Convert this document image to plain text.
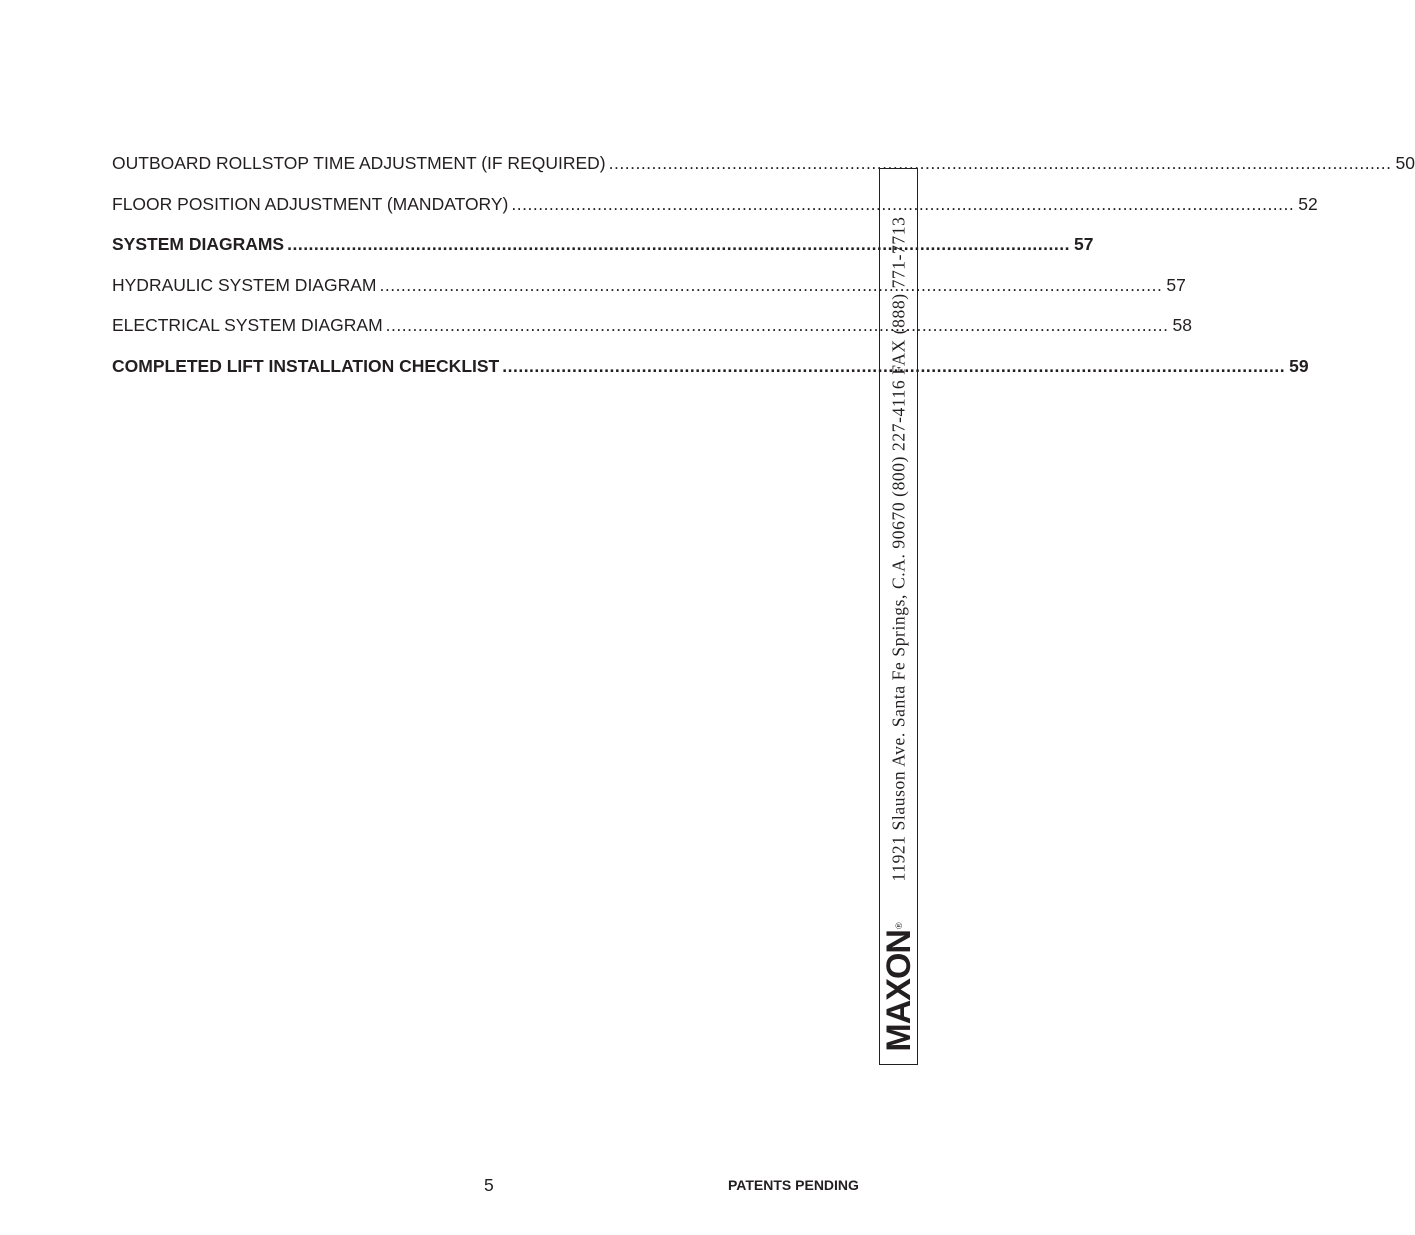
OUTBOARD ROLLSTOP TIME ADJUSTMENT (IF REQUIRED) .................................................................................................................................................. 50
FLOOR POSITION ADJUSTMENT (MANDATORY) .................................................................................................................................................. 52
SYSTEM DIAGRAMS .................................................................................................................................................. 57
HYDRAULIC SYSTEM DIAGRAM .................................................................................................................................................. 57
ELECTRICAL SYSTEM DIAGRAM .................................................................................................................................................. 58
COMPLETED LIFT INSTALLATION CHECKLIST .................................................................................................................................................. 59
11921 Slauson Ave. Santa Fe Springs, C.A. 90670 (800) 227-4116 FAX (888) 771-7713
MAXON®
5	PATENTS PENDING
